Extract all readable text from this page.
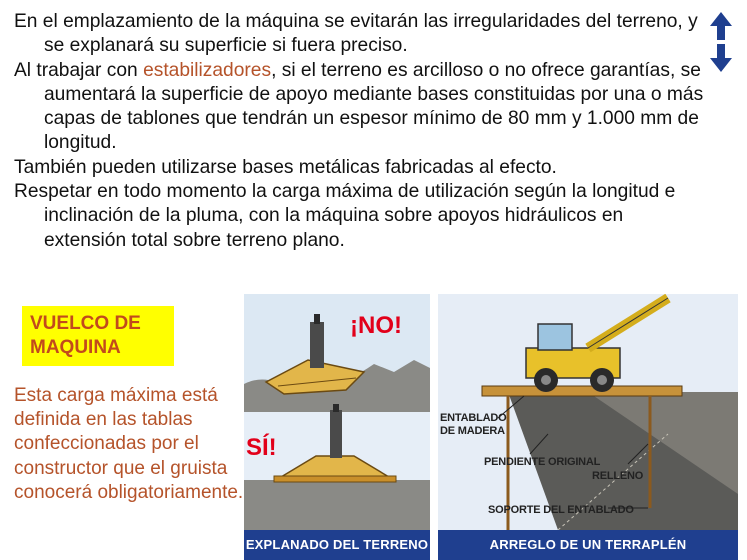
En el emplazamiento de la máquina se evitarán las irregularidades del terreno, y se explanará su superficie si fuera preciso.

Al trabajar con estabilizadores, si el terreno es arcilloso o no ofrece garantías, se aumentará la superficie de apoyo mediante bases constituidas por una o más capas de tablones que tendrán un espesor mínimo de 80 mm y 1.000 mm de longitud.

También pueden utilizarse bases metálicas fabricadas al efecto.

Respetar en todo momento la carga máxima de utilización según la longitud e inclinación de la pluma, con la máquina sobre apoyos hidráulicos en extensión total sobre terreno plano.

VUELCO DE MAQUINA
Esta carga máxima está definida en las tablas confeccionadas por el constructor que el gruista conocerá obligatoriamente.
¡NO!
SÍ!
EXPLANADO DEL TERRENO
ENTABLADO DE MADERA
PENDIENTE ORIGINAL
RELLENO
SOPORTE DEL ENTABLADO
ARREGLO DE UN TERRAPLÉN
